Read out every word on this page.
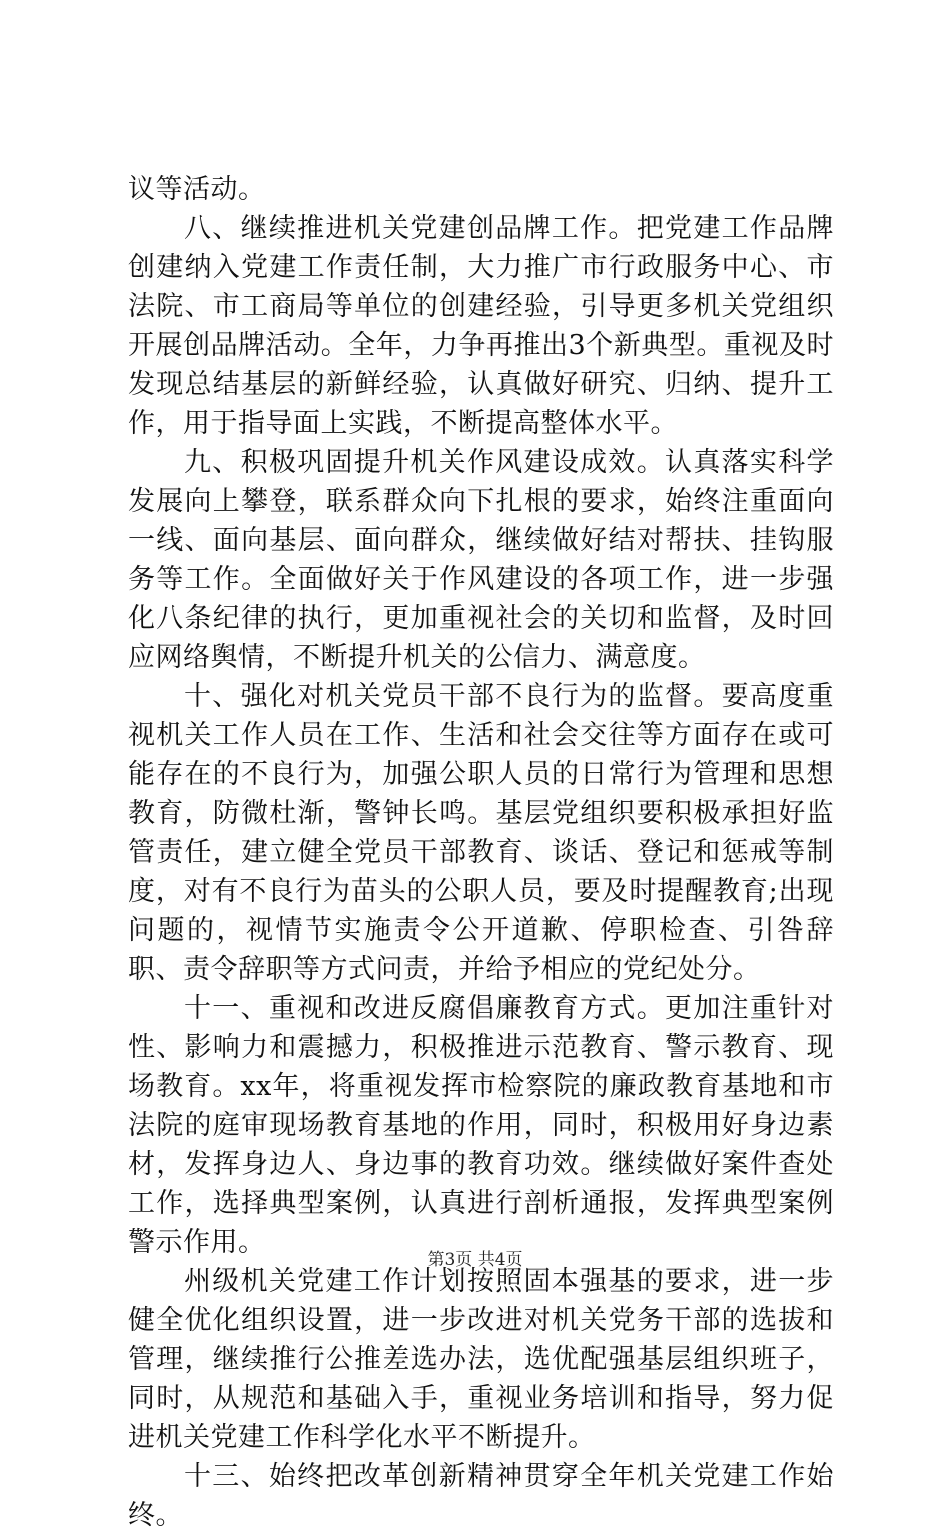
议等活动。

八、继续推进机关党建创品牌工作。把党建工作品牌创建纳入党建工作责任制，大力推广市行政服务中心、市法院、市工商局等单位的创建经验，引导更多机关党组织开展创品牌活动。全年，力争再推出3个新典型。重视及时发现总结基层的新鲜经验，认真做好研究、归纳、提升工作，用于指导面上实践，不断提高整体水平。

九、积极巩固提升机关作风建设成效。认真落实科学发展向上攀登，联系群众向下扎根的要求，始终注重面向一线、面向基层、面向群众，继续做好结对帮扶、挂钩服务等工作。全面做好关于作风建设的各项工作，进一步强化八条纪律的执行，更加重视社会的关切和监督，及时回应网络舆情，不断提升机关的公信力、满意度。

十、强化对机关党员干部不良行为的监督。要高度重视机关工作人员在工作、生活和社会交往等方面存在或可能存在的不良行为，加强公职人员的日常行为管理和思想教育，防微杜渐，警钟长鸣。基层党组织要积极承担好监管责任，建立健全党员干部教育、谈话、登记和惩戒等制度，对有不良行为苗头的公职人员，要及时提醒教育;出现问题的，视情节实施责令公开道歉、停职检查、引咎辞职、责令辞职等方式问责，并给予相应的党纪处分。

十一、重视和改进反腐倡廉教育方式。更加注重针对性、影响力和震撼力，积极推进示范教育、警示教育、现场教育。xx年，将重视发挥市检察院的廉政教育基地和市法院的庭审现场教育基地的作用，同时，积极用好身边素材，发挥身边人、身边事的教育功效。继续做好案件查处工作，选择典型案例，认真进行剖析通报，发挥典型案例警示作用。

州级机关党建工作计划按照固本强基的要求，进一步健全优化组织设置，进一步改进对机关党务干部的选拔和管理，继续推行公推差选办法，选优配强基层组织班子，同时，从规范和基础入手，重视业务培训和指导，努力促进机关党建工作科学化水平不断提升。

十三、始终把改革创新精神贯穿全年机关党建工作始终。

第3页 共4页
